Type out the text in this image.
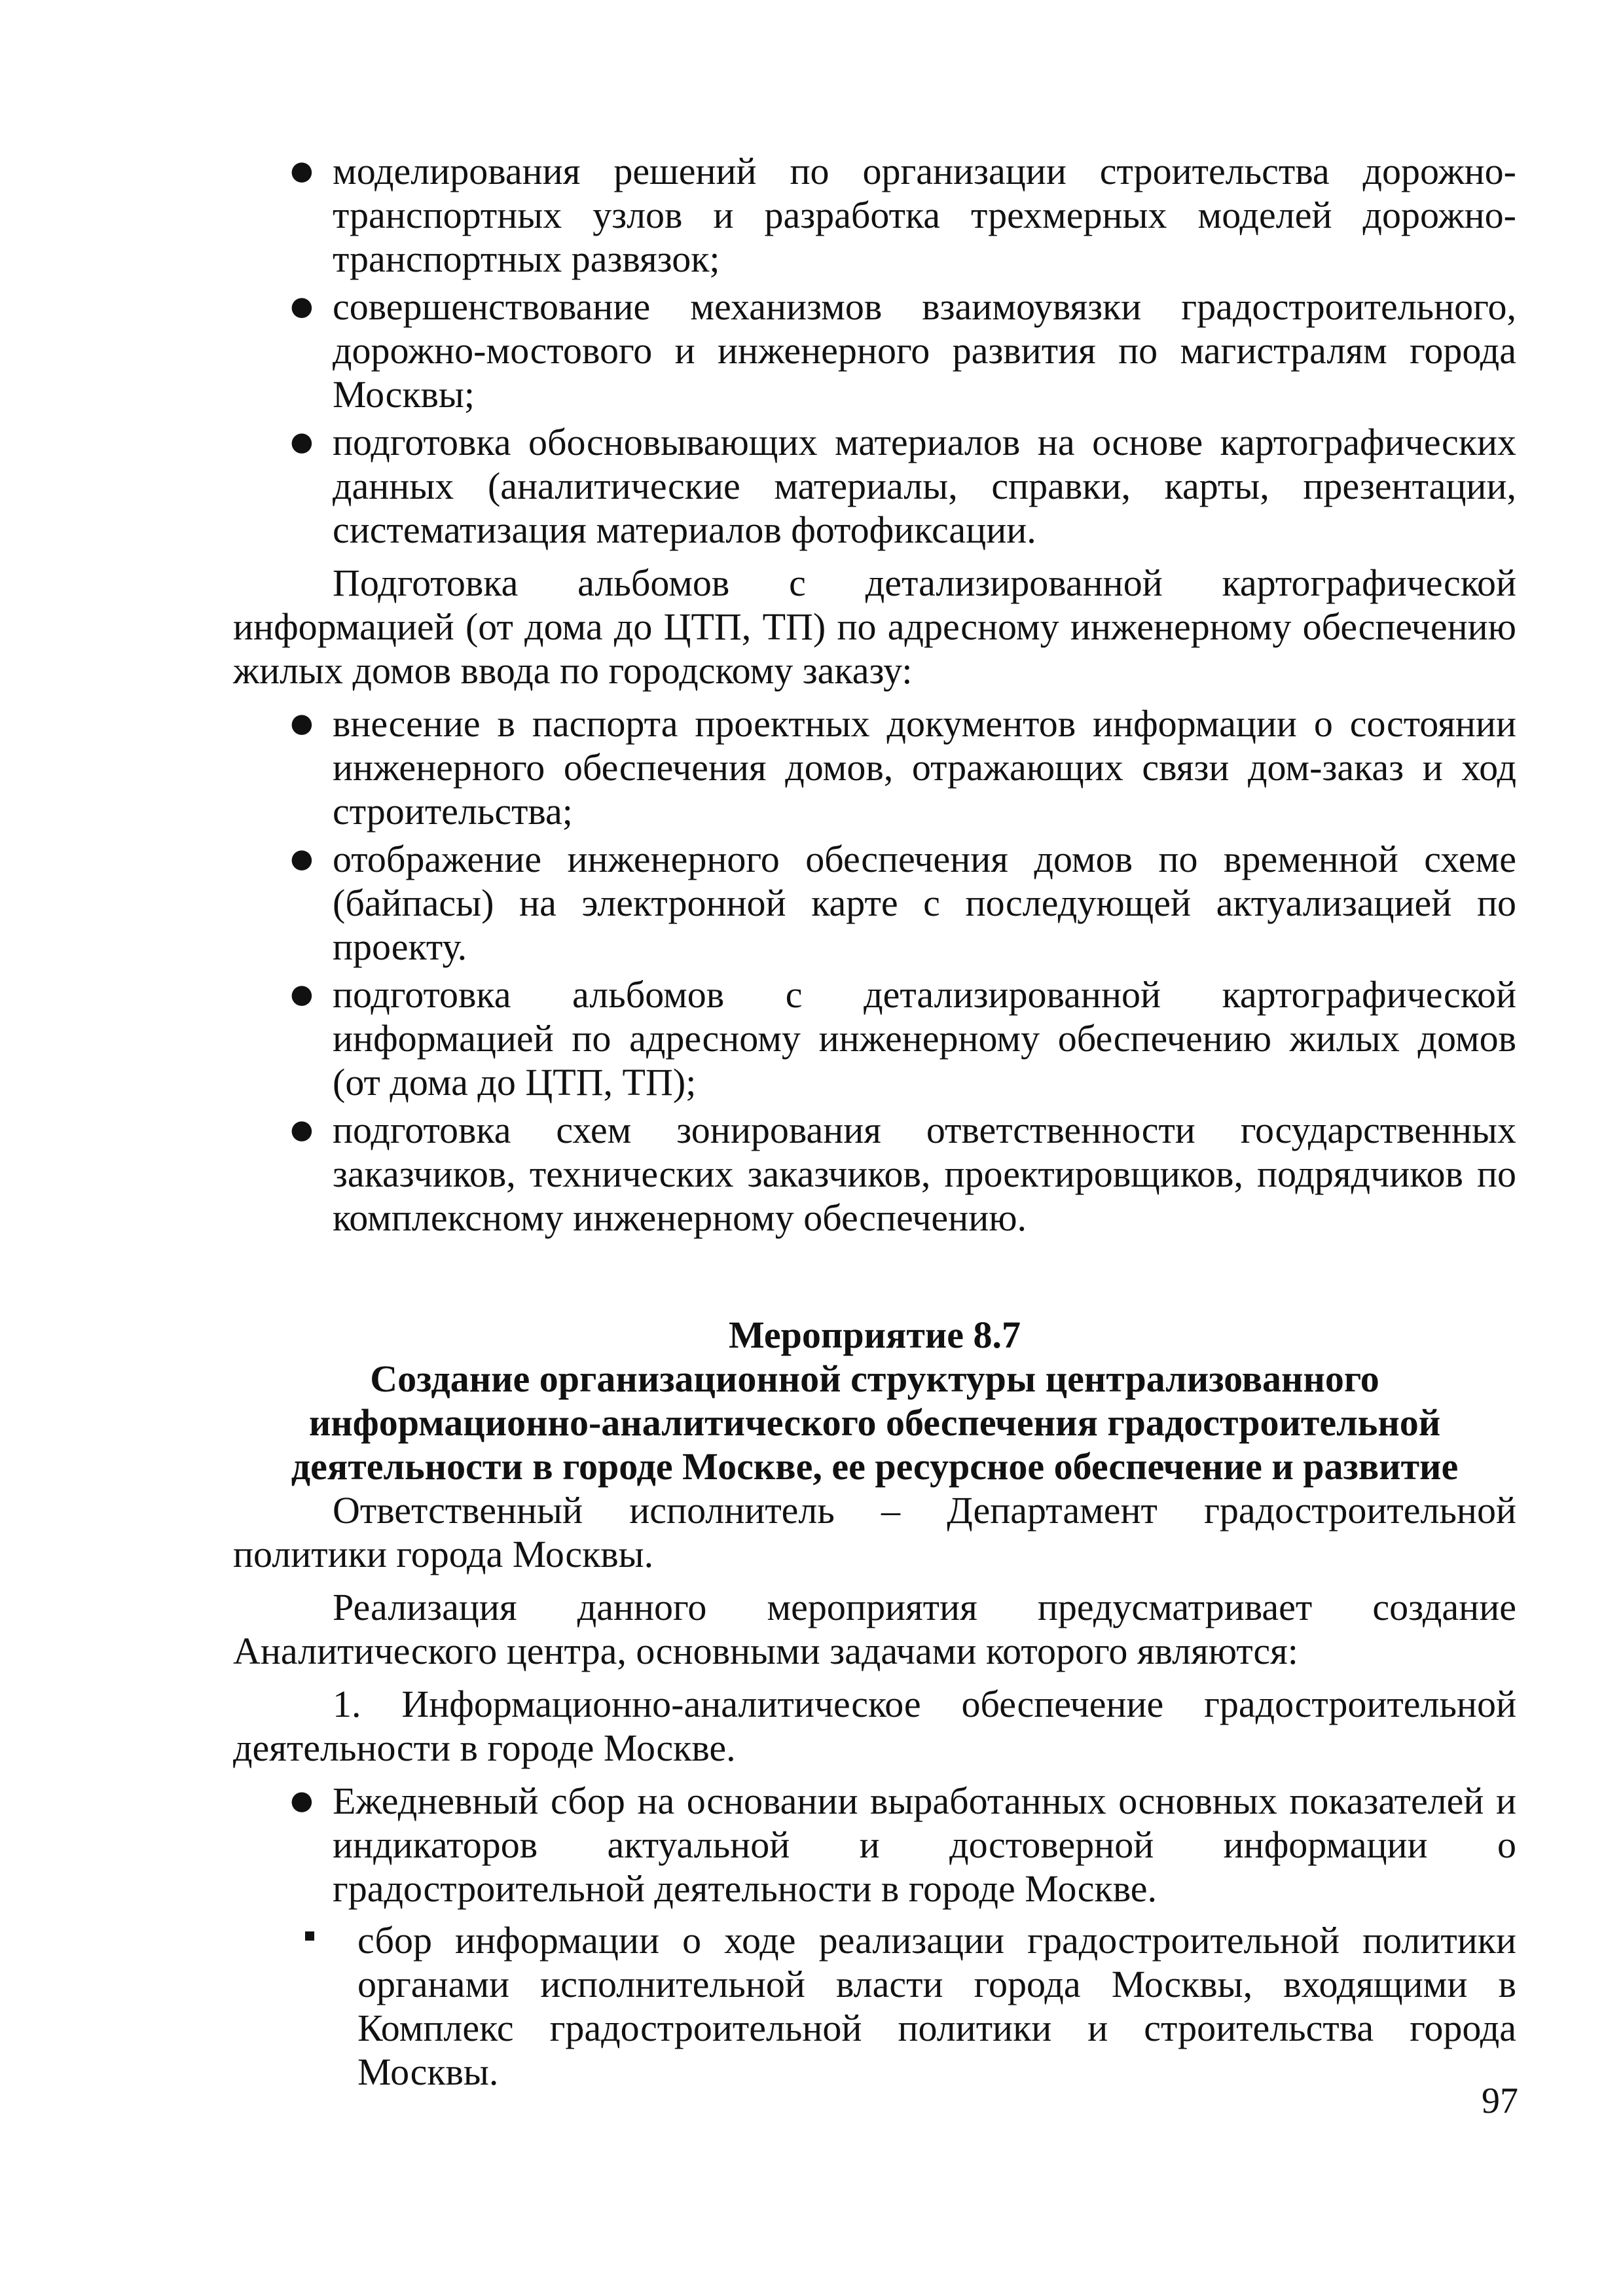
● моделирования решений по организации строительства дорожно-транспортных узлов и разработка трехмерных моделей дорожно-транспортных развязок;
● совершенствование механизмов взаимоувязки градостроительного, дорожно-мостового и инженерного развития по магистралям города Москвы;
● подготовка обосновывающих материалов на основе картографических данных (аналитические материалы, справки, карты, презентации, систематизация материалов фотофиксации.

Подготовка альбомов с детализированной картографической информацией (от дома до ЦТП, ТП) по адресному инженерному обеспечению жилых домов ввода по городскому заказу:

● внесение в паспорта проектных документов информации о состоянии инженерного обеспечения домов, отражающих связи дом-заказ и ход строительства;
● отображение инженерного обеспечения домов по временной схеме (байпасы) на электронной карте с последующей актуализацией по проекту.
● подготовка альбомов с детализированной картографической информацией по адресному инженерному обеспечению жилых домов (от дома до ЦТП, ТП);
● подготовка схем зонирования ответственности государственных заказчиков, технических заказчиков, проектировщиков, подрядчиков по комплексному инженерному обеспечению.

Мероприятие 8.7

Создание организационной структуры централизованного информационно-аналитического обеспечения градостроительной деятельности в городе Москве, ее ресурсное обеспечение и развитие

Ответственный исполнитель – Департамент градостроительной политики города Москвы.

Реализация данного мероприятия предусматривает создание Аналитического центра, основными задачами которого являются:

1. Информационно-аналитическое обеспечение градостроительной деятельности в городе Москве.

● Ежедневный сбор на основании выработанных основных показателей и индикаторов актуальной и достоверной информации о градостроительной деятельности в городе Москве.
сбор информации о ходе реализации градостроительной политики органами исполнительной власти города Москвы, входящими в Комплекс градостроительной политики и строительства города Москвы.
97
